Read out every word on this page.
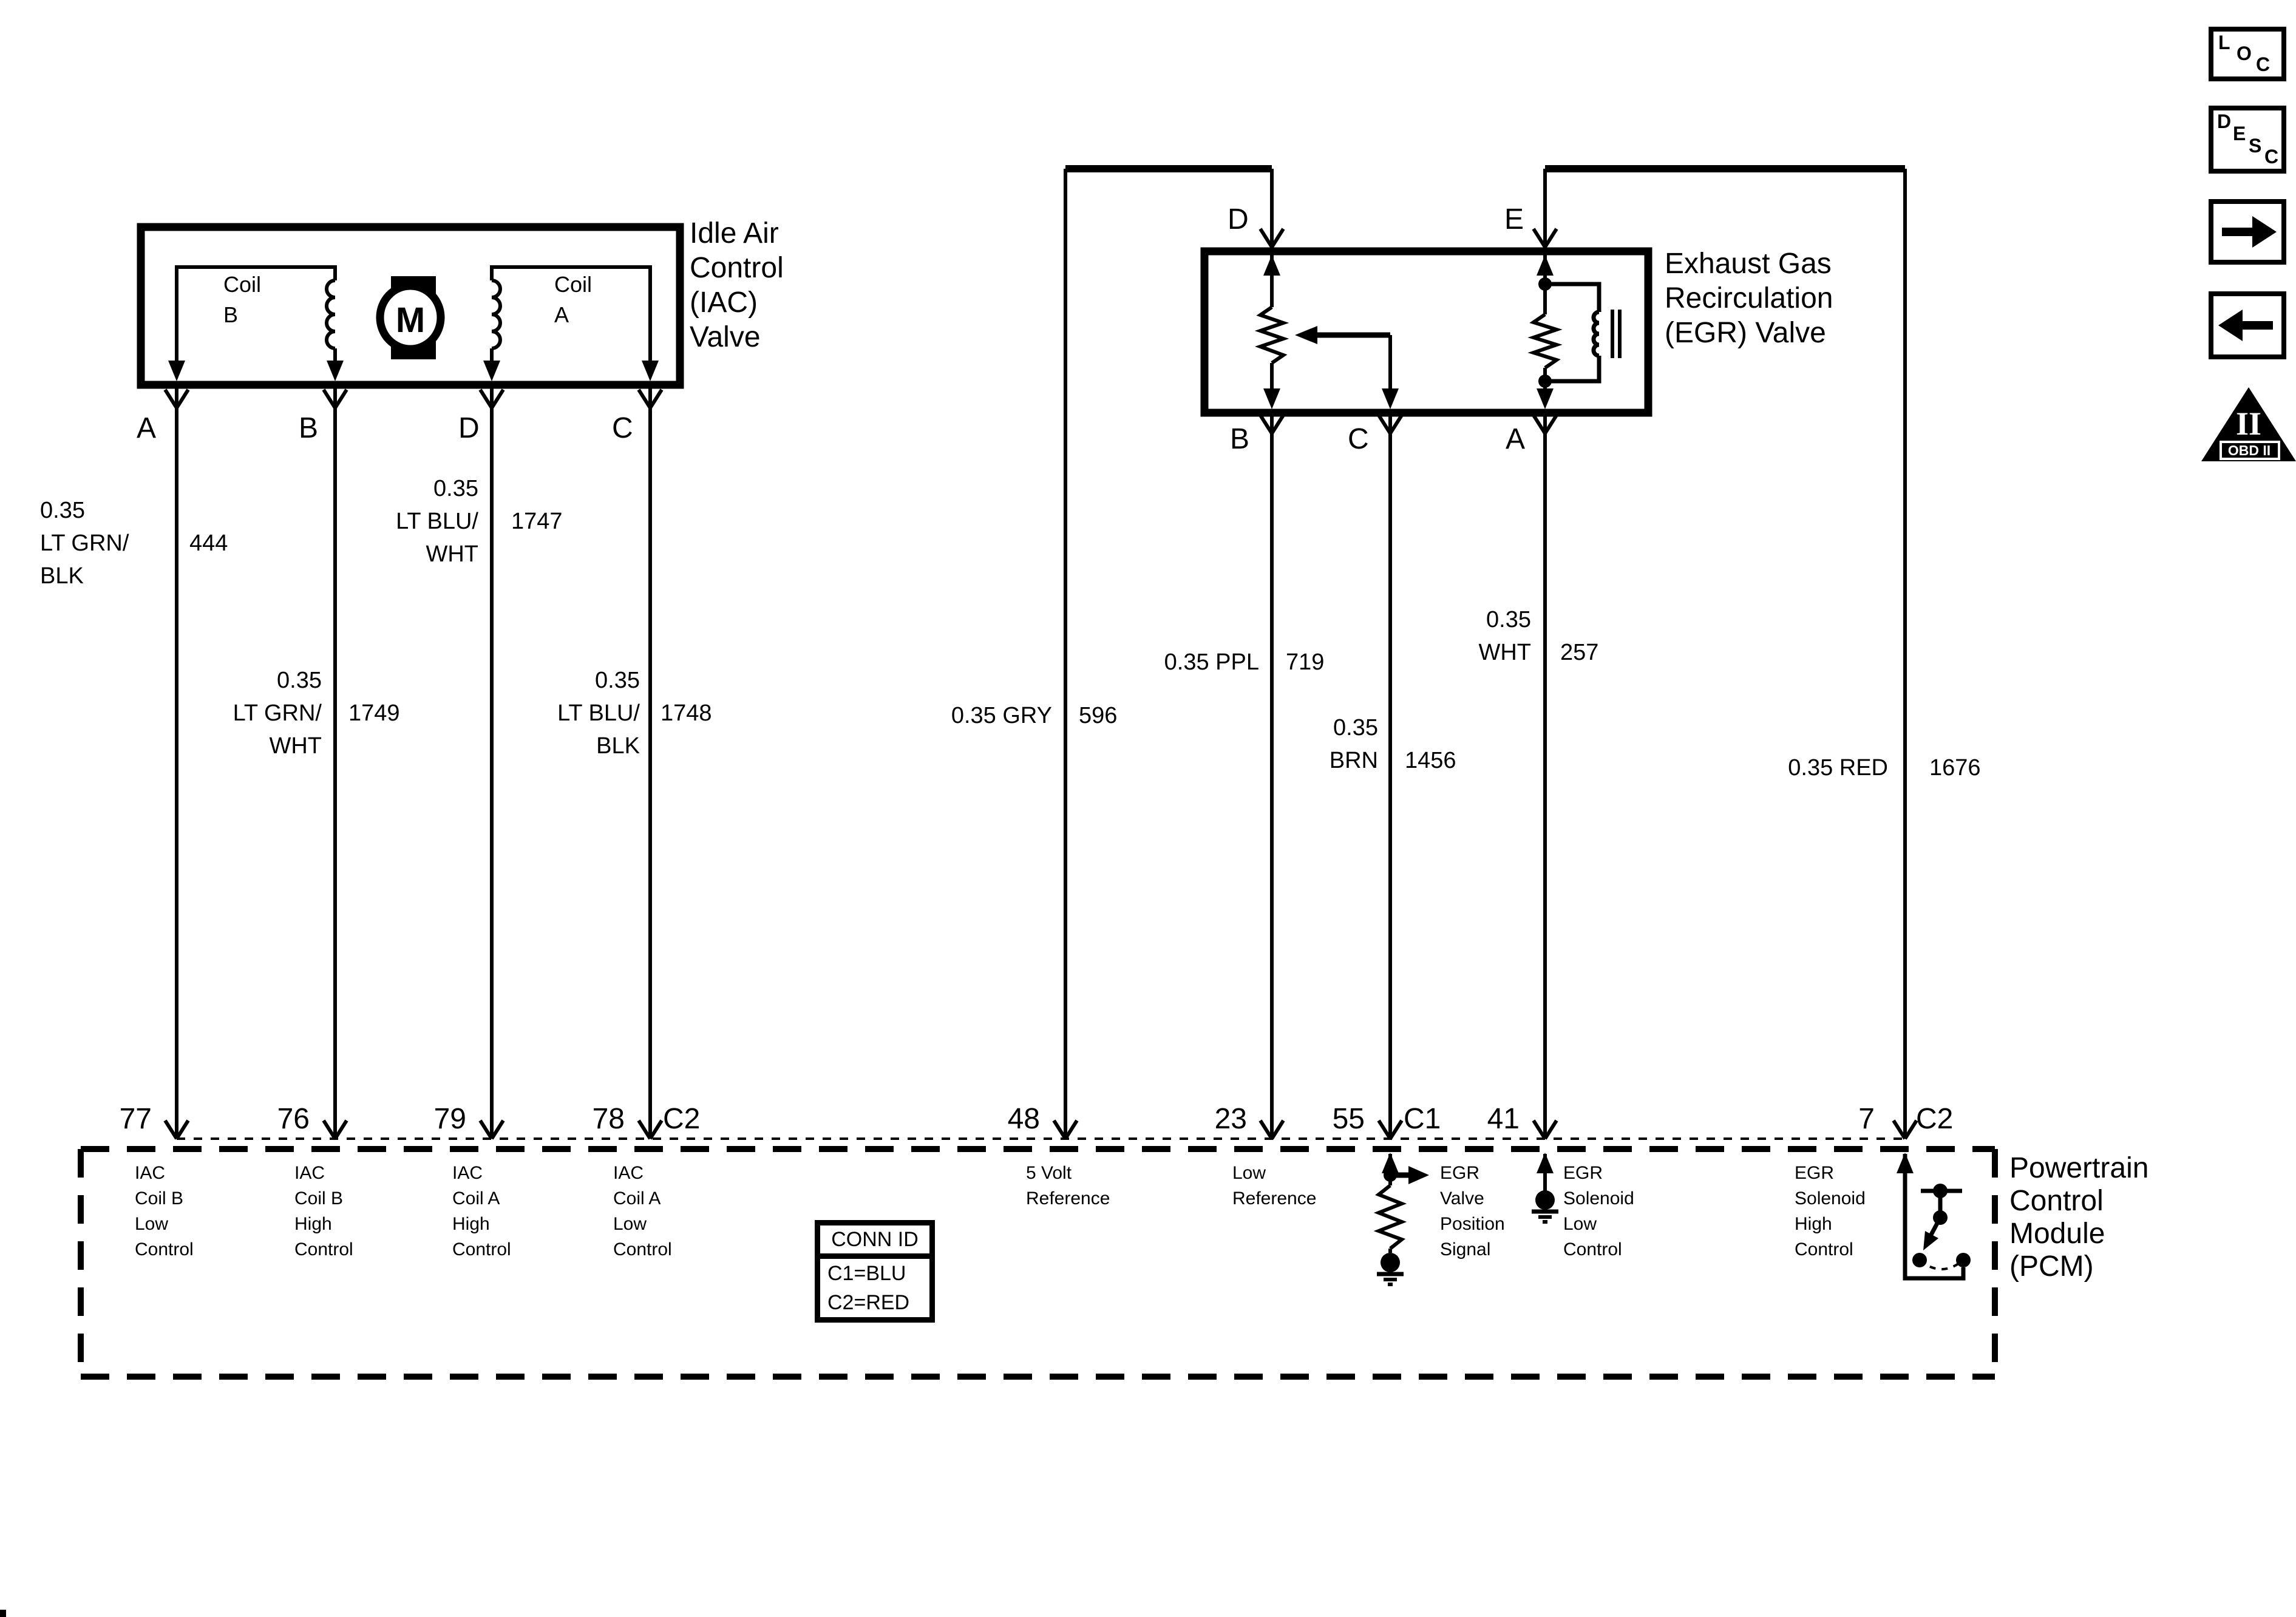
Idle Air
Control
(IAC)
Valve
Exhaust Gas
Recirculation
(EGR) Valve
Powertrain
Control
Module
(PCM)
Coil
B
Coil
A
M
A	B	D	C
D	E
B	C	A
0.35
LT GRN/
BLK
444
0.35
LT BLU/
WHT
1747
0.35
LT GRN/
WHT
1749
0.35
LT BLU/
BLK
1748	0.35 GRY 596
0.35 PPL 719
0.35
BRN 1456
0.35
WHT 257
0.35 RED 1676
77	76	79	78 C2	48	23	55 C1 41	7 C2
IAC
Coil B
Low
Control
IAC
Coil B
High
Control
IAC
Coil A
High
Control
IAC
Coil A
Low
Control
5 Volt
Reference
Low
Reference
EGR
Valve
Position
Signal
EGR
Solenoid
Low
Control
EGR
Solenoid
High
Control
CONN ID
C1=BLU
C2=RED
L O C
D
E
S C
II
OBD II
